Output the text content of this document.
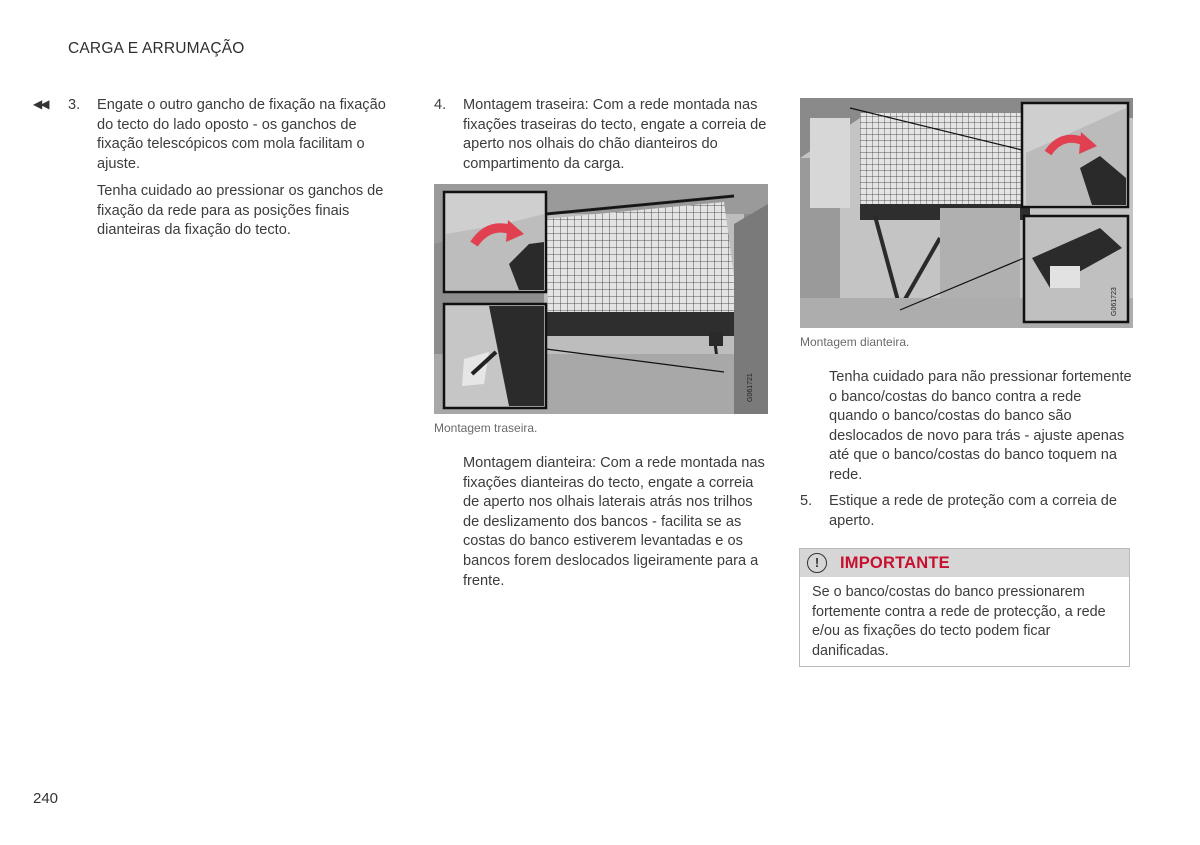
CARGA E ARRUMAÇÃO
◀◀ 3. Engate o outro gancho de fixação na fixação do tecto do lado oposto - os ganchos de fixação telescópicos com mola facilitam o ajuste.

Tenha cuidado ao pressionar os ganchos de fixação da rede para as posições finais dianteiras da fixação do tecto.

4. Montagem traseira: Com a rede montada nas fixações traseiras do tecto, engate a correia de aperto nos olhais do chão dianteiros do compartimento da carga.

G061721
Montagem traseira.

Montagem dianteira: Com a rede montada nas fixações dianteiras do tecto, engate a correia de aperto nos olhais laterais atrás nos trilhos de deslizamento dos bancos - facilita se as costas do banco estiverem levantadas e os bancos forem deslocados ligeiramente para a frente.

G061723
Montagem dianteira.

Tenha cuidado para não pressionar fortemente o banco/costas do banco contra a rede quando o banco/costas do banco são deslocados de novo para trás - ajuste apenas até que o banco/costas do banco toquem na rede.

5. Estique a rede de proteção com a correia de aperto.

!	IMPORTANTE

Se o banco/costas do banco pressionarem fortemente contra a rede de protecção, a rede e/ou as fixações do tecto podem ficar danificadas.

240
